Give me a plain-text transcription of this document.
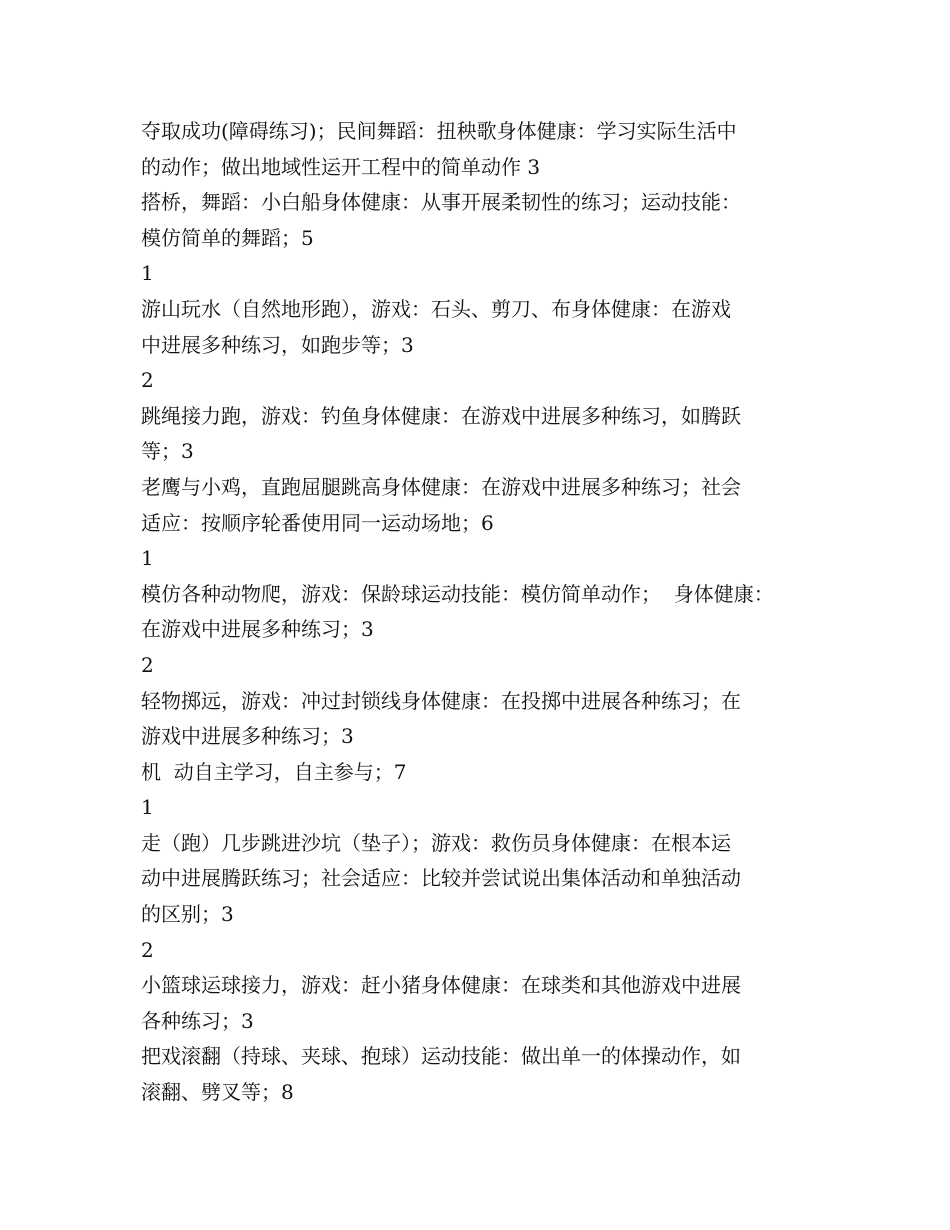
夺取成功(障碍练习)；民间舞蹈：扭秧歌身体健康：学习实际生活中
的动作；做出地域性运开工程中的简单动作 3
搭桥，舞蹈：小白船身体健康：从事开展柔韧性的练习；运动技能：
模仿简单的舞蹈；5
1
游山玩水（自然地形跑），游戏：石头、剪刀、布身体健康：在游戏
中进展多种练习，如跑步等；3
2
跳绳接力跑，游戏：钓鱼身体健康：在游戏中进展多种练习，如腾跃
等；3
老鹰与小鸡，直跑屈腿跳高身体健康：在游戏中进展多种练习；社会
适应：按顺序轮番使用同一运动场地；6
1
模仿各种动物爬，游戏：保龄球运动技能：模仿简单动作；  身体健康：
在游戏中进展多种练习；3
2
轻物掷远，游戏：冲过封锁线身体健康：在投掷中进展各种练习；在
游戏中进展多种练习；3
机  动自主学习，自主参与；7
1
走（跑）几步跳进沙坑（垫子）；游戏：救伤员身体健康：在根本运
动中进展腾跃练习；社会适应：比较并尝试说出集体活动和单独活动
的区别；3
2
小篮球运球接力，游戏：赶小猪身体健康：在球类和其他游戏中进展
各种练习；3
把戏滚翻（持球、夹球、抱球）运动技能：做出单一的体操动作，如
滚翻、劈叉等；8
